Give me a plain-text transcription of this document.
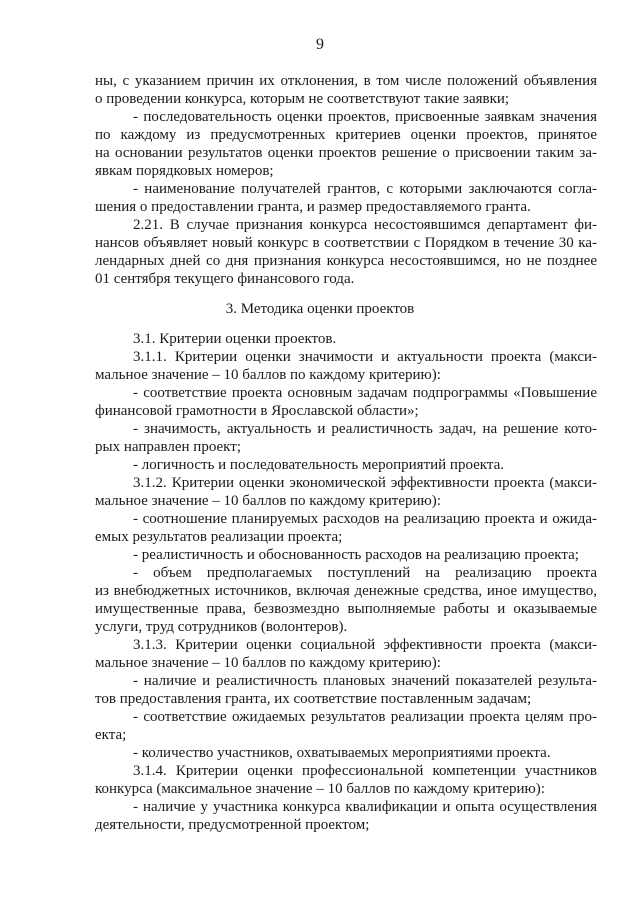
9
ны, с указанием причин их отклонения, в том числе положений объявления
о проведении конкурса, которым не соответствуют такие заявки;
- последовательность оценки проектов, присвоенные заявкам значения
по каждому из предусмотренных критериев оценки проектов, принятое
на основании результатов оценки проектов решение о присвоении таким за-
явкам порядковых номеров;
- наименование получателей грантов, с которыми заключаются согла-
шения о предоставлении гранта, и размер предоставляемого гранта.
2.21. В случае признания конкурса несостоявшимся департамент фи-
нансов объявляет новый конкурс в соответствии с Порядком в течение 30 ка-
лендарных дней со дня признания конкурса несостоявшимся, но не позднее
01 сентября текущего финансового года.
3. Методика оценки проектов
3.1. Критерии оценки проектов.
3.1.1. Критерии оценки значимости и актуальности проекта (макси-
мальное значение – 10 баллов по каждому критерию):
- соответствие проекта основным задачам подпрограммы «Повышение
финансовой грамотности в Ярославской области»;
- значимость, актуальность и реалистичность задач, на решение кото-
рых направлен проект;
- логичность и последовательность мероприятий проекта.
3.1.2. Критерии оценки экономической эффективности проекта (макси-
мальное значение – 10 баллов по каждому критерию):
- соотношение планируемых расходов на реализацию проекта и ожида-
емых результатов реализации проекта;
- реалистичность и обоснованность расходов на реализацию проекта;
- объем предполагаемых поступлений на реализацию проекта
из внебюджетных источников, включая денежные средства, иное имущество,
имущественные права, безвозмездно выполняемые работы и оказываемые
услуги, труд сотрудников (волонтеров).
3.1.3. Критерии оценки социальной эффективности проекта (макси-
мальное значение – 10 баллов по каждому критерию):
- наличие и реалистичность плановых значений показателей результа-
тов предоставления гранта, их соответствие поставленным задачам;
- соответствие ожидаемых результатов реализации проекта целям про-
екта;
- количество участников, охватываемых мероприятиями проекта.
3.1.4. Критерии оценки профессиональной компетенции участников
конкурса (максимальное значение – 10 баллов по каждому критерию):
- наличие у участника конкурса квалификации и опыта осуществления
деятельности, предусмотренной проектом;
